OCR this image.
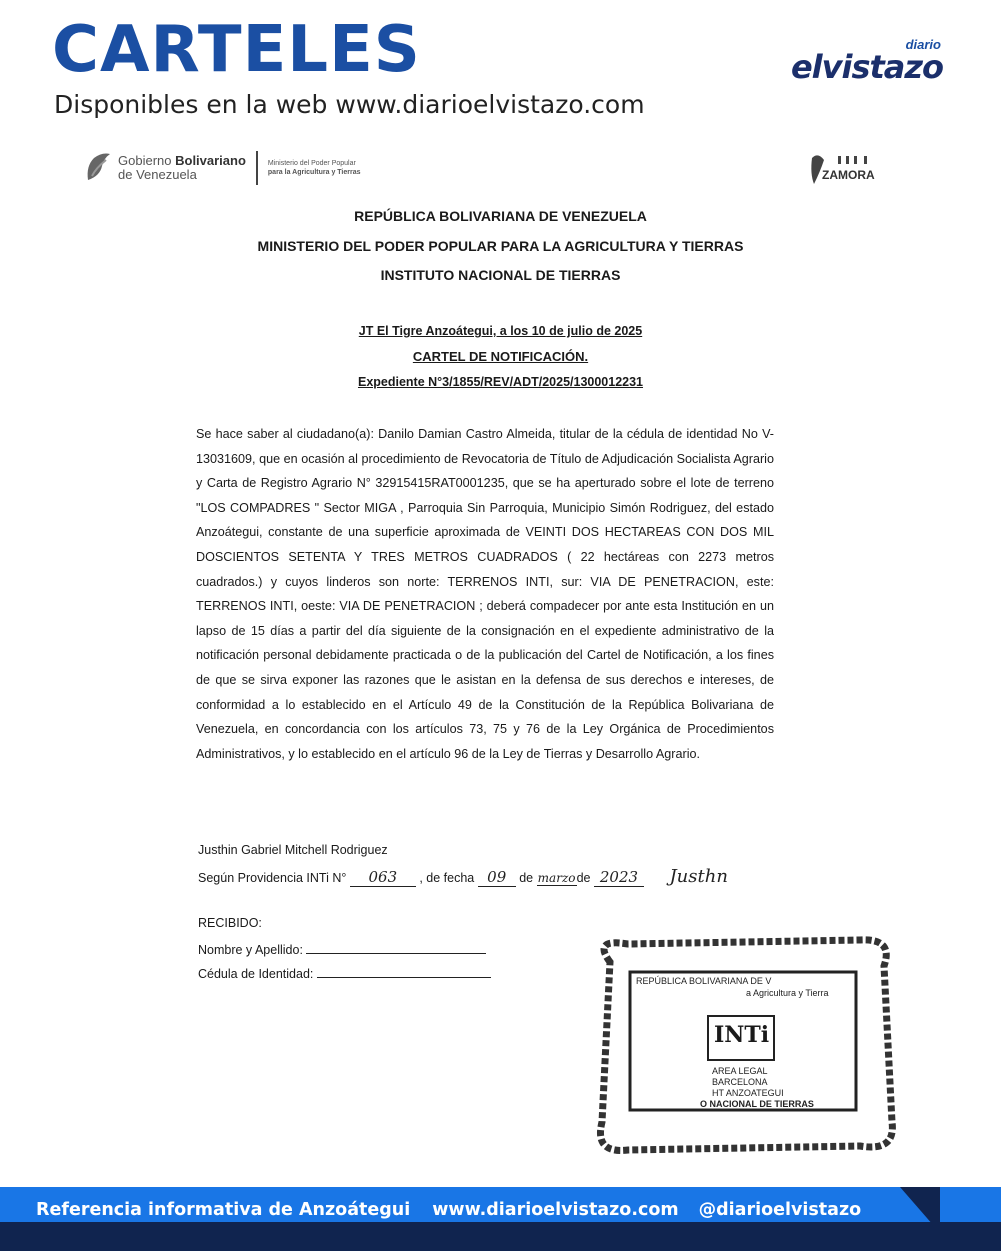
CARTELES
Disponibles en la web www.diarioelvistazo.com
diario
elvistazo
Gobierno Bolivariano
de Venezuela
Ministerio del Poder Popular
para la Agricultura y Tierras	ZAMORA
REPÚBLICA BOLIVARIANA DE VENEZUELA
MINISTERIO DEL PODER POPULAR PARA LA AGRICULTURA Y TIERRAS
INSTITUTO NACIONAL DE TIERRAS
JT El Tigre Anzoátegui, a los 10 de julio de 2025
CARTEL DE NOTIFICACIÓN.
Expediente N°3/1855/REV/ADT/2025/1300012231
Se hace saber al ciudadano(a): Danilo Damian Castro Almeida, titular de la cédula de identidad No V- 13031609, que en ocasión al procedimiento de Revocatoria de Título de Adjudicación Socialista Agrario y Carta de Registro Agrario N° 32915415RAT0001235, que se ha aperturado sobre el lote de terreno "LOS COMPADRES " Sector MIGA , Parroquia Sin Parroquia, Municipio Simón Rodriguez, del estado Anzoátegui, constante de una superficie aproximada de VEINTI DOS HECTAREAS CON DOS MIL DOSCIENTOS SETENTA Y TRES METROS CUADRADOS ( 22 hectáreas con 2273 metros cuadrados.) y cuyos linderos son norte: TERRENOS INTI, sur: VIA DE PENETRACION, este: TERRENOS INTI, oeste: VIA DE PENETRACION ; deberá compadecer por ante esta Institución en un lapso de 15 días a partir del día siguiente de la consignación en el expediente administrativo de la notificación personal debidamente practicada o de la publicación del Cartel de Notificación, a los fines de que se sirva exponer las razones que le asistan en la defensa de sus derechos e intereses, de conformidad a lo establecido en el Artículo 49 de la Constitución de la República Bolivariana de Venezuela, en concordancia con los artículos 73, 75 y 76 de la Ley Orgánica de Procedimientos Administrativos, y lo establecido en el artículo 96 de la Ley de Tierras y Desarrollo Agrario.
Justhin Gabriel Mitchell Rodriguez
Según Providencia INTi N° 063 , de fecha 09 de marzode 2023 Justhn
RECIBIDO:
Nombre y Apellido:
Cédula de Identidad:	REPÚBLICA BOLIVARIANA DE V
a Agricultura y Tierra
INTi
AREA LEGAL
BARCELONA
HT ANZOATEGUI
O NACIONAL DE TIERRAS
Referencia informativa de Anzoátegui www.diarioelvistazo.com @diarioelvistazo
